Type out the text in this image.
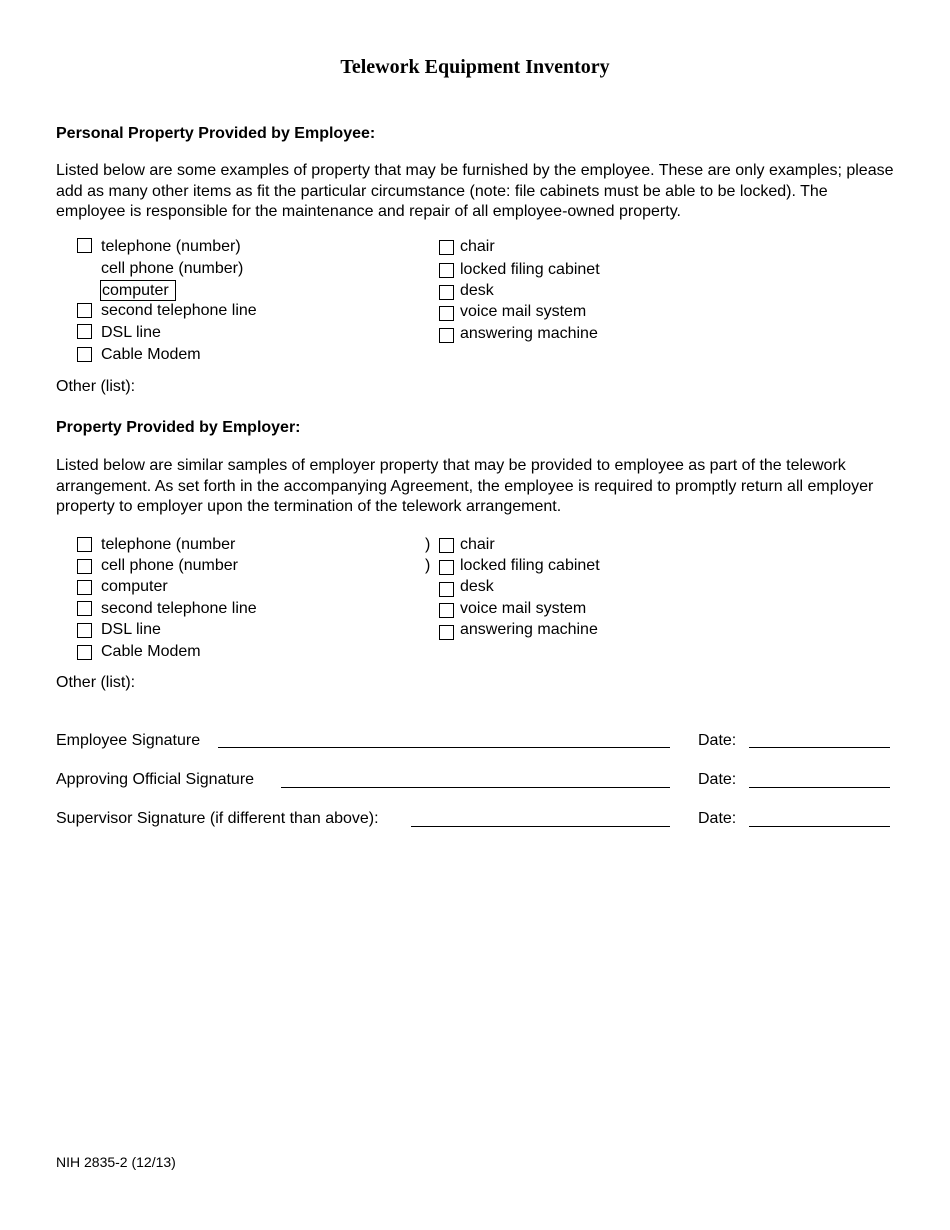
Telework Equipment Inventory
Personal Property Provided by Employee:
Listed below are some examples of property that may be furnished by the employee. These are only examples; please add as many other items as fit the particular circumstance (note: file cabinets must be able to be locked). The employee is responsible for the maintenance and repair of all employee-owned property.
telephone (number)
cell phone (number)
computer
second telephone line
DSL line
Cable Modem
chair
locked filing cabinet
desk
voice mail system
answering machine
Other (list):
Property Provided by Employer:
Listed below are similar samples of employer property that may be provided to employee as part of the telework arrangement. As set forth in the accompanying Agreement, the employee is required to promptly return all employer property to employer upon the termination of the telework arrangement.
telephone (number
cell phone (number
computer
second telephone line
DSL line
Cable Modem
)
)
chair
locked filing cabinet
desk
voice mail system
answering machine
Other (list):
Employee Signature	Date:
Approving Official Signature	Date:
Supervisor Signature (if different than above):	Date:
NIH 2835-2 (12/13)
